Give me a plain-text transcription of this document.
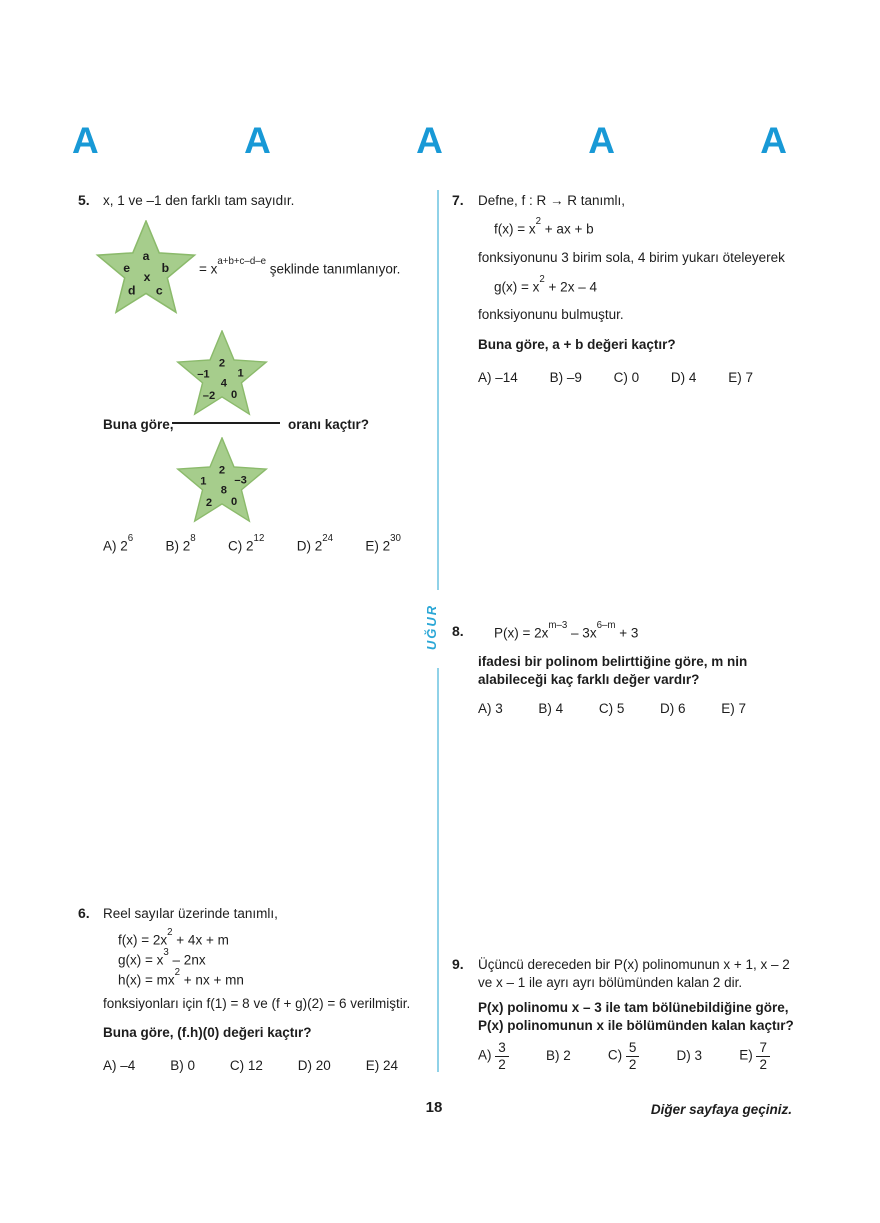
A	A	A	A	A
UĞUR
5. x, 1 ve –1 den farklı tam sayıdır.
a
e	b
x
d c
= $x^{a+b+c-d-e}$ şeklinde tanımlanıyor.
2
–1 1
4
–2 0
Buna göre,	oranı kaçtır?
2
1 –3
8
2 0
A) $2^6$
B) $2^8$
C) $2^{12}$
D) $2^{24}$
E) $2^{30}$
6. Reel sayılar üzerinde tanımlı,
$f(x) = 2x^2 + 4x + m$
$g(x) = x^3 - 2nx$
$h(x) = mx^2$ + nx + mn
fonksiyonları için f(1) = 8 ve (f + g)(2) = 6 verilmiştir.
Buna göre, (f.h)(0) değeri kaçtır?
A) –4	B) 0	C) 12	D) 20	E) 24
7. Defne, f : R → R tanımlı,
$f(x) = x^2$ + ax + b
fonksiyonunu 3 birim sola, 4 birim yukarı öteleyerek
$g(x) = x^2 + 2x - 4$
fonksiyonunu bulmuştur.
Buna göre, a + b değeri kaçtır?
A) –14 B) –9 C) 0 D) 4 E) 7
8. $P(x) = 2x^{m-3} - 3x^{6-m} + 3$
ifadesi bir polinom belirttiğine göre, m nin alabileceği kaç farklı değer vardır?
A) 3	B) 4	C) 5	D) 6	E) 7
9. Üçüncü dereceden bir P(x) polinomunun x + 1, x – 2 ve x – 1 ile ayrı ayrı bölümünden kalan 2 dir.
P(x) polinomu x – 3 ile tam bölünebildiğine göre, P(x) polinomunun x ile bölümünden kalan kaçtır?
$A) \frac{3}{2}$	B) 2	$C) \frac{5}{2}$	D) 3	$E) \frac{7}{2}$
18	Diğer sayfaya geçiniz.
